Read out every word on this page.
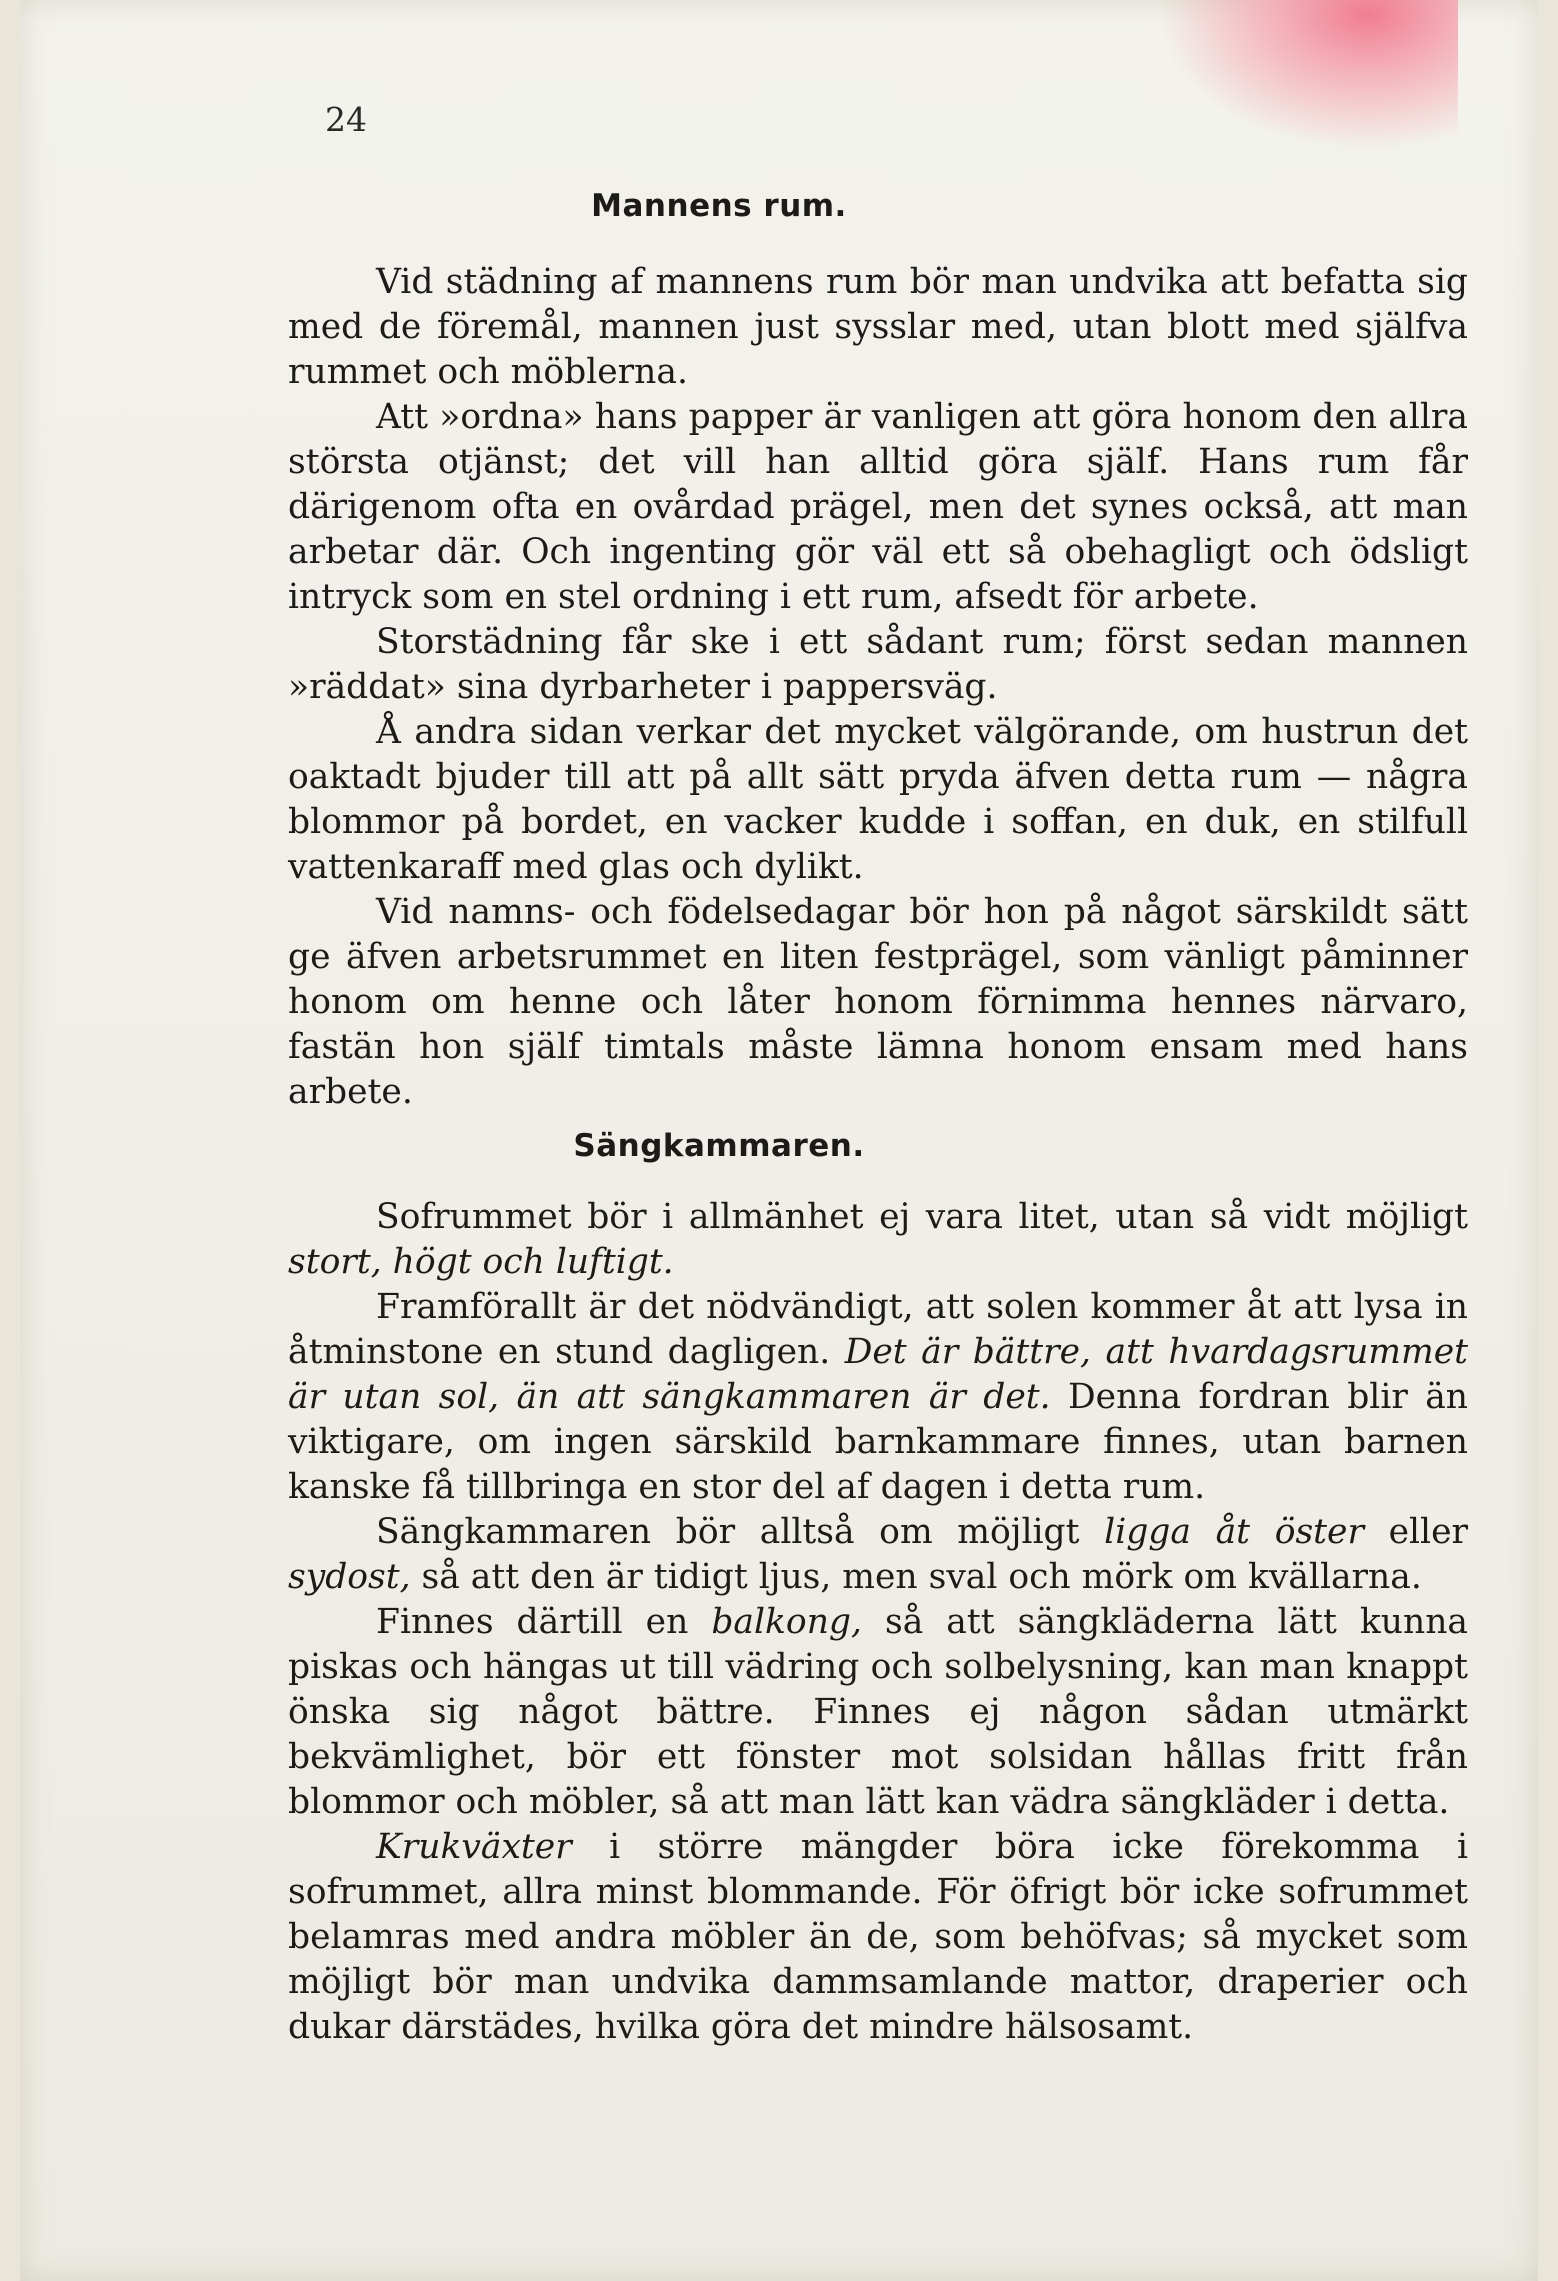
24
Mannens rum.

Vid städning af mannens rum bör man undvika att befatta sig med de föremål, mannen just sysslar med, utan blott med själfva rummet och möblerna.

Att »ordna» hans papper är vanligen att göra honom den allra största otjänst; det vill han alltid göra själf. Hans rum får därigenom ofta en ovårdad prägel, men det synes också, att man arbetar där. Och ingenting gör väl ett så obehagligt och ödsligt intryck som en stel ordning i ett rum, afsedt för arbete.

Storstädning får ske i ett sådant rum; först sedan mannen »räddat» sina dyrbarheter i pappersväg.

Å andra sidan verkar det mycket välgörande, om hustrun det oaktadt bjuder till att på allt sätt pryda äfven detta rum — några blommor på bordet, en vacker kudde i soffan, en duk, en stilfull vattenkaraff med glas och dylikt.

Vid namns- och födelsedagar bör hon på något särskildt sätt ge äfven arbetsrummet en liten festprägel, som vänligt påminner honom om henne och låter honom förnimma hennes närvaro, fastän hon själf timtals måste lämna honom ensam med hans arbete.

Sängkammaren.

Sofrummet bör i allmänhet ej vara litet, utan så vidt möjligt stort, högt och luftigt.

Framförallt är det nödvändigt, att solen kommer åt att lysa in åtminstone en stund dagligen. Det är bättre, att hvardagsrummet är utan sol, än att sängkammaren är det. Denna fordran blir än viktigare, om ingen särskild barnkammare finnes, utan barnen kanske få tillbringa en stor del af dagen i detta rum.

Sängkammaren bör alltså om möjligt ligga åt öster eller sydost, så att den är tidigt ljus, men sval och mörk om kvällarna.

Finnes därtill en balkong, så att sängkläderna lätt kunna piskas och hängas ut till vädring och solbelysning, kan man knappt önska sig något bättre. Finnes ej någon sådan utmärkt bekvämlighet, bör ett fönster mot solsidan hållas fritt från blommor och möbler, så att man lätt kan vädra sängkläder i detta.

Krukväxter i större mängder böra icke förekomma i sofrummet, allra minst blommande. För öfrigt bör icke sofrummet belamras med andra möbler än de, som behöfvas; så mycket som möjligt bör man undvika dammsamlande mattor, draperier och dukar därstädes, hvilka göra det mindre hälsosamt.
